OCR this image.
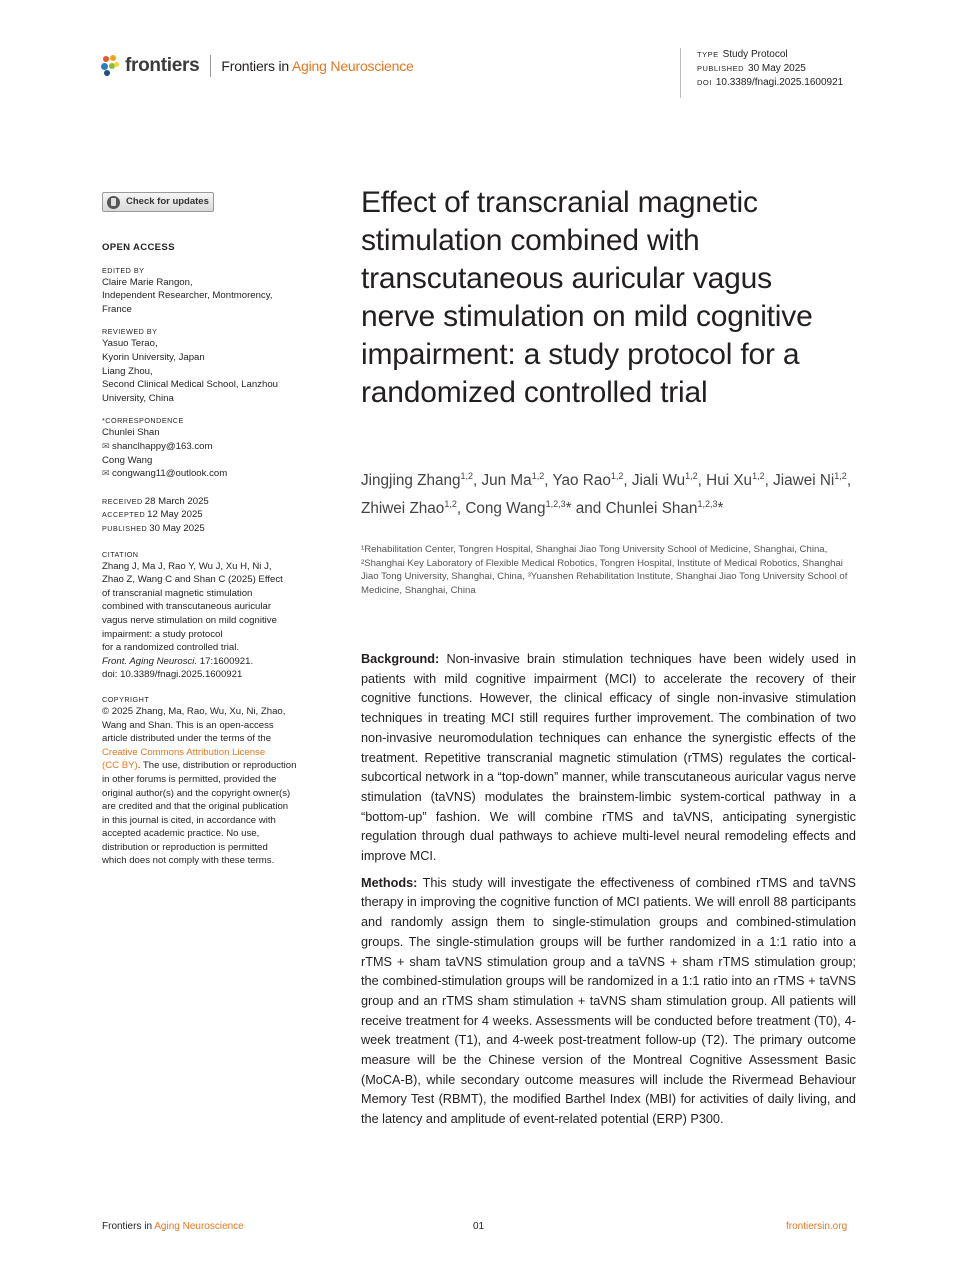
frontiers Frontiers in Aging Neuroscience
TYPE Study Protocol
PUBLISHED 30 May 2025
DOI 10.3389/fnagi.2025.1600921
Check for updates
OPEN ACCESS
EDITED BY
Claire Marie Rangon,
Independent Researcher, Montmorency,
France
REVIEWED BY
Yasuo Terao,
Kyorin University, Japan
Liang Zhou,
Second Clinical Medical School, Lanzhou
University, China
*CORRESPONDENCE
Chunlei Shan
✉ shanclhappy@163.com
Cong Wang
✉ congwang11@outlook.com
RECEIVED 28 March 2025
ACCEPTED 12 May 2025
PUBLISHED 30 May 2025
CITATION
Zhang J, Ma J, Rao Y, Wu J, Xu H, Ni J,
Zhao Z, Wang C and Shan C (2025) Effect
of transcranial magnetic stimulation
combined with transcutaneous auricular
vagus nerve stimulation on mild cognitive
impairment: a study protocol
for a randomized controlled trial.
Front. Aging Neurosci. 17:1600921.
doi: 10.3389/fnagi.2025.1600921
COPYRIGHT
© 2025 Zhang, Ma, Rao, Wu, Xu, Ni, Zhao,
Wang and Shan. This is an open-access
article distributed under the terms of the
Creative Commons Attribution License
(CC BY). The use, distribution or reproduction
in other forums is permitted, provided the
original author(s) and the copyright owner(s)
are credited and that the original publication
in this journal is cited, in accordance with
accepted academic practice. No use,
distribution or reproduction is permitted
which does not comply with these terms.
Effect of transcranial magnetic stimulation combined with transcutaneous auricular vagus nerve stimulation on mild cognitive impairment: a study protocol for a randomized controlled trial
Jingjing Zhang$^{1,2}$, Jun Ma$^{1,2}$, Yao Rao$^{1,2}$, Jiali Wu$^{1,2}$, Hui Xu$^{1,2}$, Jiawei Ni$^{1,2}$, Zhiwei Zhao$^{1,2}$, Cong Wang$^{1,2,3}$* and Chunlei Shan$^{1,2,3}$*
¹Rehabilitation Center, Tongren Hospital, Shanghai Jiao Tong University School of Medicine, Shanghai, China, ²Shanghai Key Laboratory of Flexible Medical Robotics, Tongren Hospital, Institute of Medical Robotics, Shanghai Jiao Tong University, Shanghai, China, ³Yuanshen Rehabilitation Institute, Shanghai Jiao Tong University School of Medicine, Shanghai, China

Background: Non-invasive brain stimulation techniques have been widely used in patients with mild cognitive impairment (MCI) to accelerate the recovery of their cognitive functions. However, the clinical efficacy of single non-invasive stimulation techniques in treating MCI still requires further improvement. The combination of two non-invasive neuromodulation techniques can enhance the synergistic effects of the treatment. Repetitive transcranial magnetic stimulation (rTMS) regulates the cortical-subcortical network in a “top-down” manner, while transcutaneous auricular vagus nerve stimulation (taVNS) modulates the brainstem-limbic system-cortical pathway in a “bottom-up” fashion. We will combine rTMS and taVNS, anticipating synergistic regulation through dual pathways to achieve multi-level neural remodeling effects and improve MCI.

Methods: This study will investigate the effectiveness of combined rTMS and taVNS therapy in improving the cognitive function of MCI patients. We will enroll 88 participants and randomly assign them to single-stimulation groups and combined-stimulation groups. The single-stimulation groups will be further randomized in a 1:1 ratio into a rTMS + sham taVNS stimulation group and a taVNS + sham rTMS stimulation group; the combined-stimulation groups will be randomized in a 1:1 ratio into an rTMS + taVNS group and an rTMS sham stimulation + taVNS sham stimulation group. All patients will receive treatment for 4 weeks. Assessments will be conducted before treatment (T0), 4-week treatment (T1), and 4-week post-treatment follow-up (T2). The primary outcome measure will be the Chinese version of the Montreal Cognitive Assessment Basic (MoCA-B), while secondary outcome measures will include the Rivermead Behaviour Memory Test (RBMT), the modified Barthel Index (MBI) for activities of daily living, and the latency and amplitude of event-related potential (ERP) P300.

Frontiers in Aging Neuroscience	01	frontiersin.org
